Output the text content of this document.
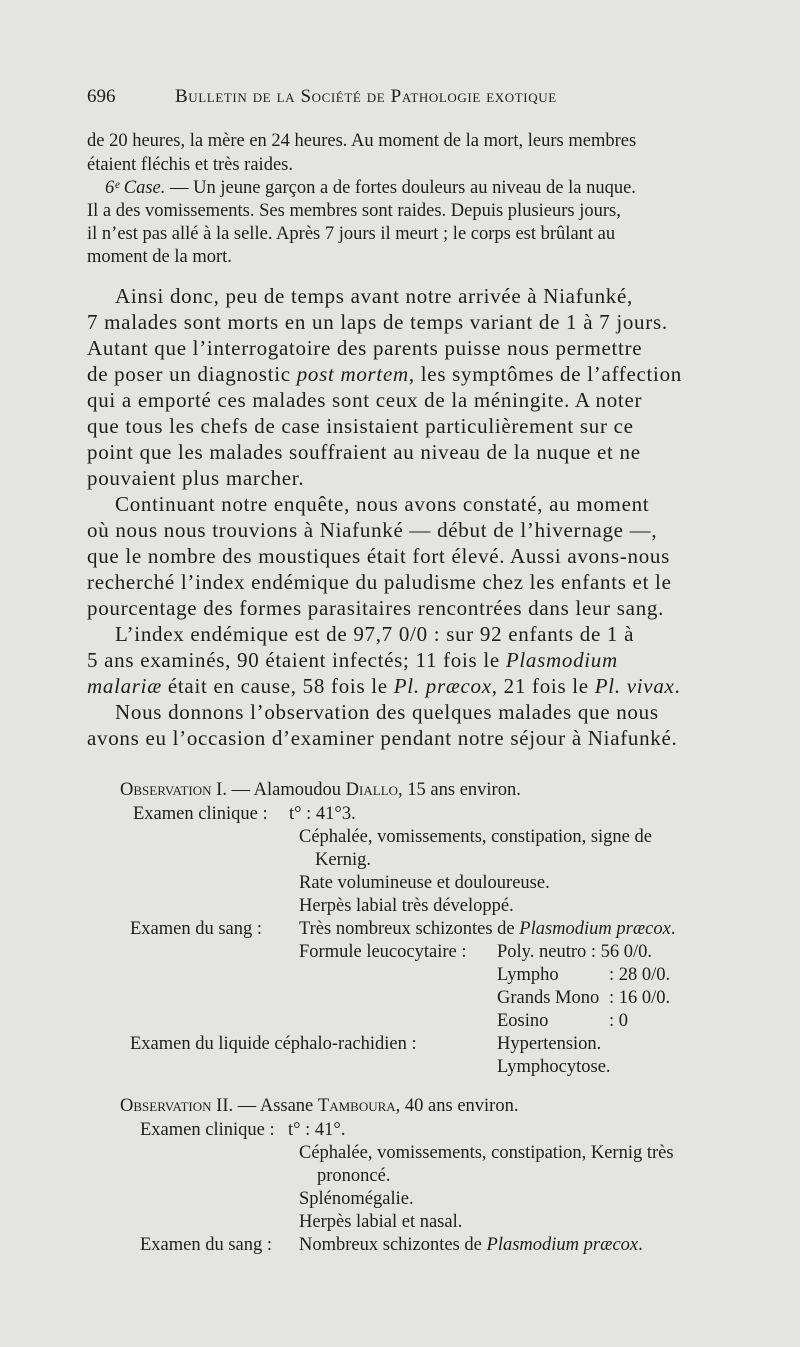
696	Bulletin de la Société de Pathologie exotique
de 20 heures, la mère en 24 heures. Au moment de la mort, leurs membres
étaient fléchis et très raides.
6ᵉ Case. — Un jeune garçon a de fortes douleurs au niveau de la nuque.
Il a des vomissements. Ses membres sont raides. Depuis plusieurs jours,
il n’est pas allé à la selle. Après 7 jours il meurt ; le corps est brûlant au
moment de la mort.
Ainsi donc, peu de temps avant notre arrivée à Niafunké,
7 malades sont morts en un laps de temps variant de 1 à 7 jours.
Autant que l’interrogatoire des parents puisse nous permettre
de poser un diagnostic post mortem, les symptômes de l’affection
qui a emporté ces malades sont ceux de la méningite. A noter
que tous les chefs de case insistaient particulièrement sur ce
point que les malades souffraient au niveau de la nuque et ne
pouvaient plus marcher.
Continuant notre enquête, nous avons constaté, au moment
où nous nous trouvions à Niafunké — début de l’hivernage —,
que le nombre des moustiques était fort élevé. Aussi avons-nous
recherché l’index endémique du paludisme chez les enfants et le
pourcentage des formes parasitaires rencontrées dans leur sang.
L’index endémique est de 97,7 0/0 : sur 92 enfants de 1 à
5 ans examinés, 90 étaient infectés; 11 fois le Plasmodium
malariæ était en cause, 58 fois le Pl. præcox, 21 fois le Pl. vivax.
Nous donnons l’observation des quelques malades que nous
avons eu l’occasion d’examiner pendant notre séjour à Niafunké.
Observation I. — Alamoudou Diallo, 15 ans environ.
Examen clinique : t° : 41°3.
Céphalée, vomissements, constipation, signe de
Kernig.
Rate volumineuse et douloureuse.
Herpès labial très développé.
Examen du sang : Très nombreux schizontes de Plasmodium præcox.
Formule leucocytaire : Poly. neutro : 56 0/0.
Lympho	: 28 0/0.
Grands Mono : 16 0/0.
Eosino	: 0
Examen du liquide céphalo-rachidien :	Hypertension.
Lymphocytose.
Observation II. — Assane Tamboura, 40 ans environ.
Examen clinique : t° : 41°.
Céphalée, vomissements, constipation, Kernig très
prononcé.
Splénomégalie.
Herpès labial et nasal.
Examen du sang : Nombreux schizontes de Plasmodium præcox.
